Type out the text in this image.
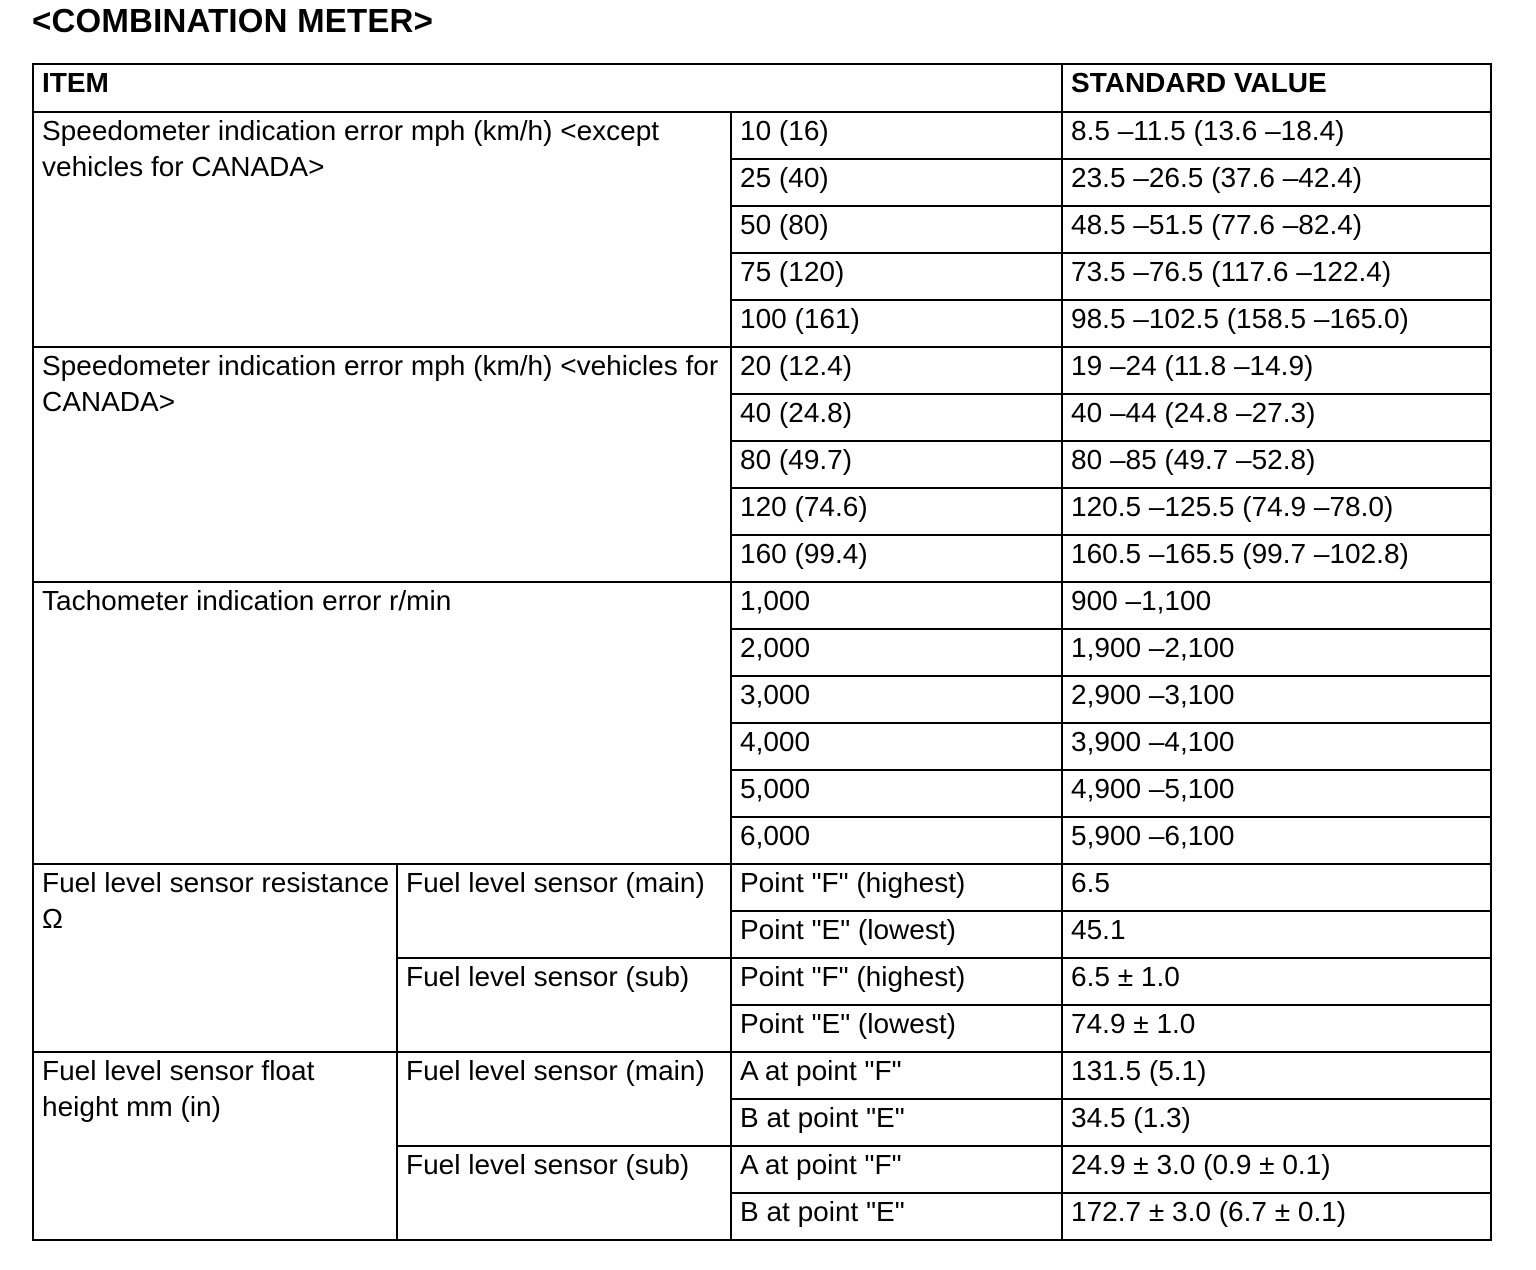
<COMBINATION METER>
ITEM			STANDARD VALUE
Speedometer indication error mph (km/h) <except vehicles for CANADA>		10 (16)	8.5 –11.5 (13.6 –18.4)
		25 (40)	23.5 –26.5 (37.6 –42.4)
		50 (80)	48.5 –51.5 (77.6 –82.4)
		75 (120)	73.5 –76.5 (117.6 –122.4)
		100 (161)	98.5 –102.5 (158.5 –165.0)
Speedometer indication error mph (km/h) <vehicles for CANADA>		20 (12.4)	19 –24 (11.8 –14.9)
		40 (24.8)	40 –44 (24.8 –27.3)
		80 (49.7)	80 –85 (49.7 –52.8)
		120 (74.6)	120.5 –125.5 (74.9 –78.0)
		160 (99.4)	160.5 –165.5 (99.7 –102.8)
Tachometer indication error r/min		1,000	900 –1,100
		2,000	1,900 –2,100
		3,000	2,900 –3,100
		4,000	3,900 –4,100
		5,000	4,900 –5,100
		6,000	5,900 –6,100
Fuel level sensor resistance Ω	Fuel level sensor (main)	Point "F" (highest)	6.5
		Point "E" (lowest)	45.1
	Fuel level sensor (sub)	Point "F" (highest)	6.5 ± 1.0
		Point "E" (lowest)	74.9 ± 1.0
Fuel level sensor float height mm (in)	Fuel level sensor (main)	A at point "F"	131.5 (5.1)
		B at point "E"	34.5 (1.3)
	Fuel level sensor (sub)	A at point "F"	24.9 ± 3.0 (0.9 ± 0.1)
		B at point "E"	172.7 ± 3.0 (6.7 ± 0.1)
